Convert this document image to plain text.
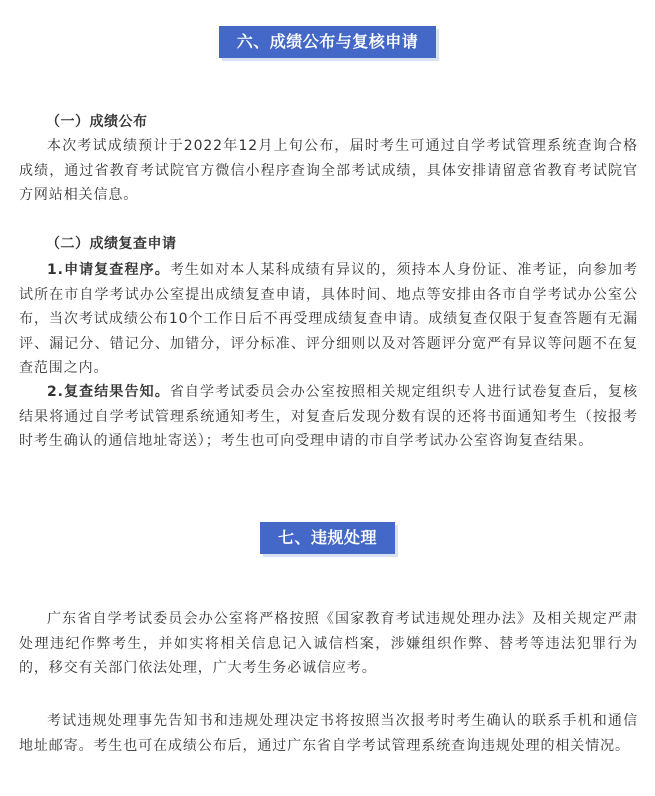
六、成绩公布与复核申请
（一）成绩公布
本次考试成绩预计于2022年12月上旬公布，届时考生可通过自学考试管理系统查询合格成绩，通过省教育考试院官方微信小程序查询全部考试成绩，具体安排请留意省教育考试院官方网站相关信息。
（二）成绩复查申请
1.申请复查程序。考生如对本人某科成绩有异议的，须持本人身份证、准考证，向参加考试所在市自学考试办公室提出成绩复查申请，具体时间、地点等安排由各市自学考试办公室公布，当次考试成绩公布10个工作日后不再受理成绩复查申请。成绩复查仅限于复查答题有无漏评、漏记分、错记分、加错分，评分标准、评分细则以及对答题评分宽严有异议等问题不在复查范围之内。
2.复查结果告知。省自学考试委员会办公室按照相关规定组织专人进行试卷复查后，复核结果将通过自学考试管理系统通知考生，对复查后发现分数有误的还将书面通知考生（按报考时考生确认的通信地址寄送）；考生也可向受理申请的市自学考试办公室咨询复查结果。
七、违规处理
广东省自学考试委员会办公室将严格按照《国家教育考试违规处理办法》及相关规定严肃处理违纪作弊考生，并如实将相关信息记入诚信档案，涉嫌组织作弊、替考等违法犯罪行为的，移交有关部门依法处理，广大考生务必诚信应考。
考试违规处理事先告知书和违规处理决定书将按照当次报考时考生确认的联系手机和通信地址邮寄。考生也可在成绩公布后，通过广东省自学考试管理系统查询违规处理的相关情况。
